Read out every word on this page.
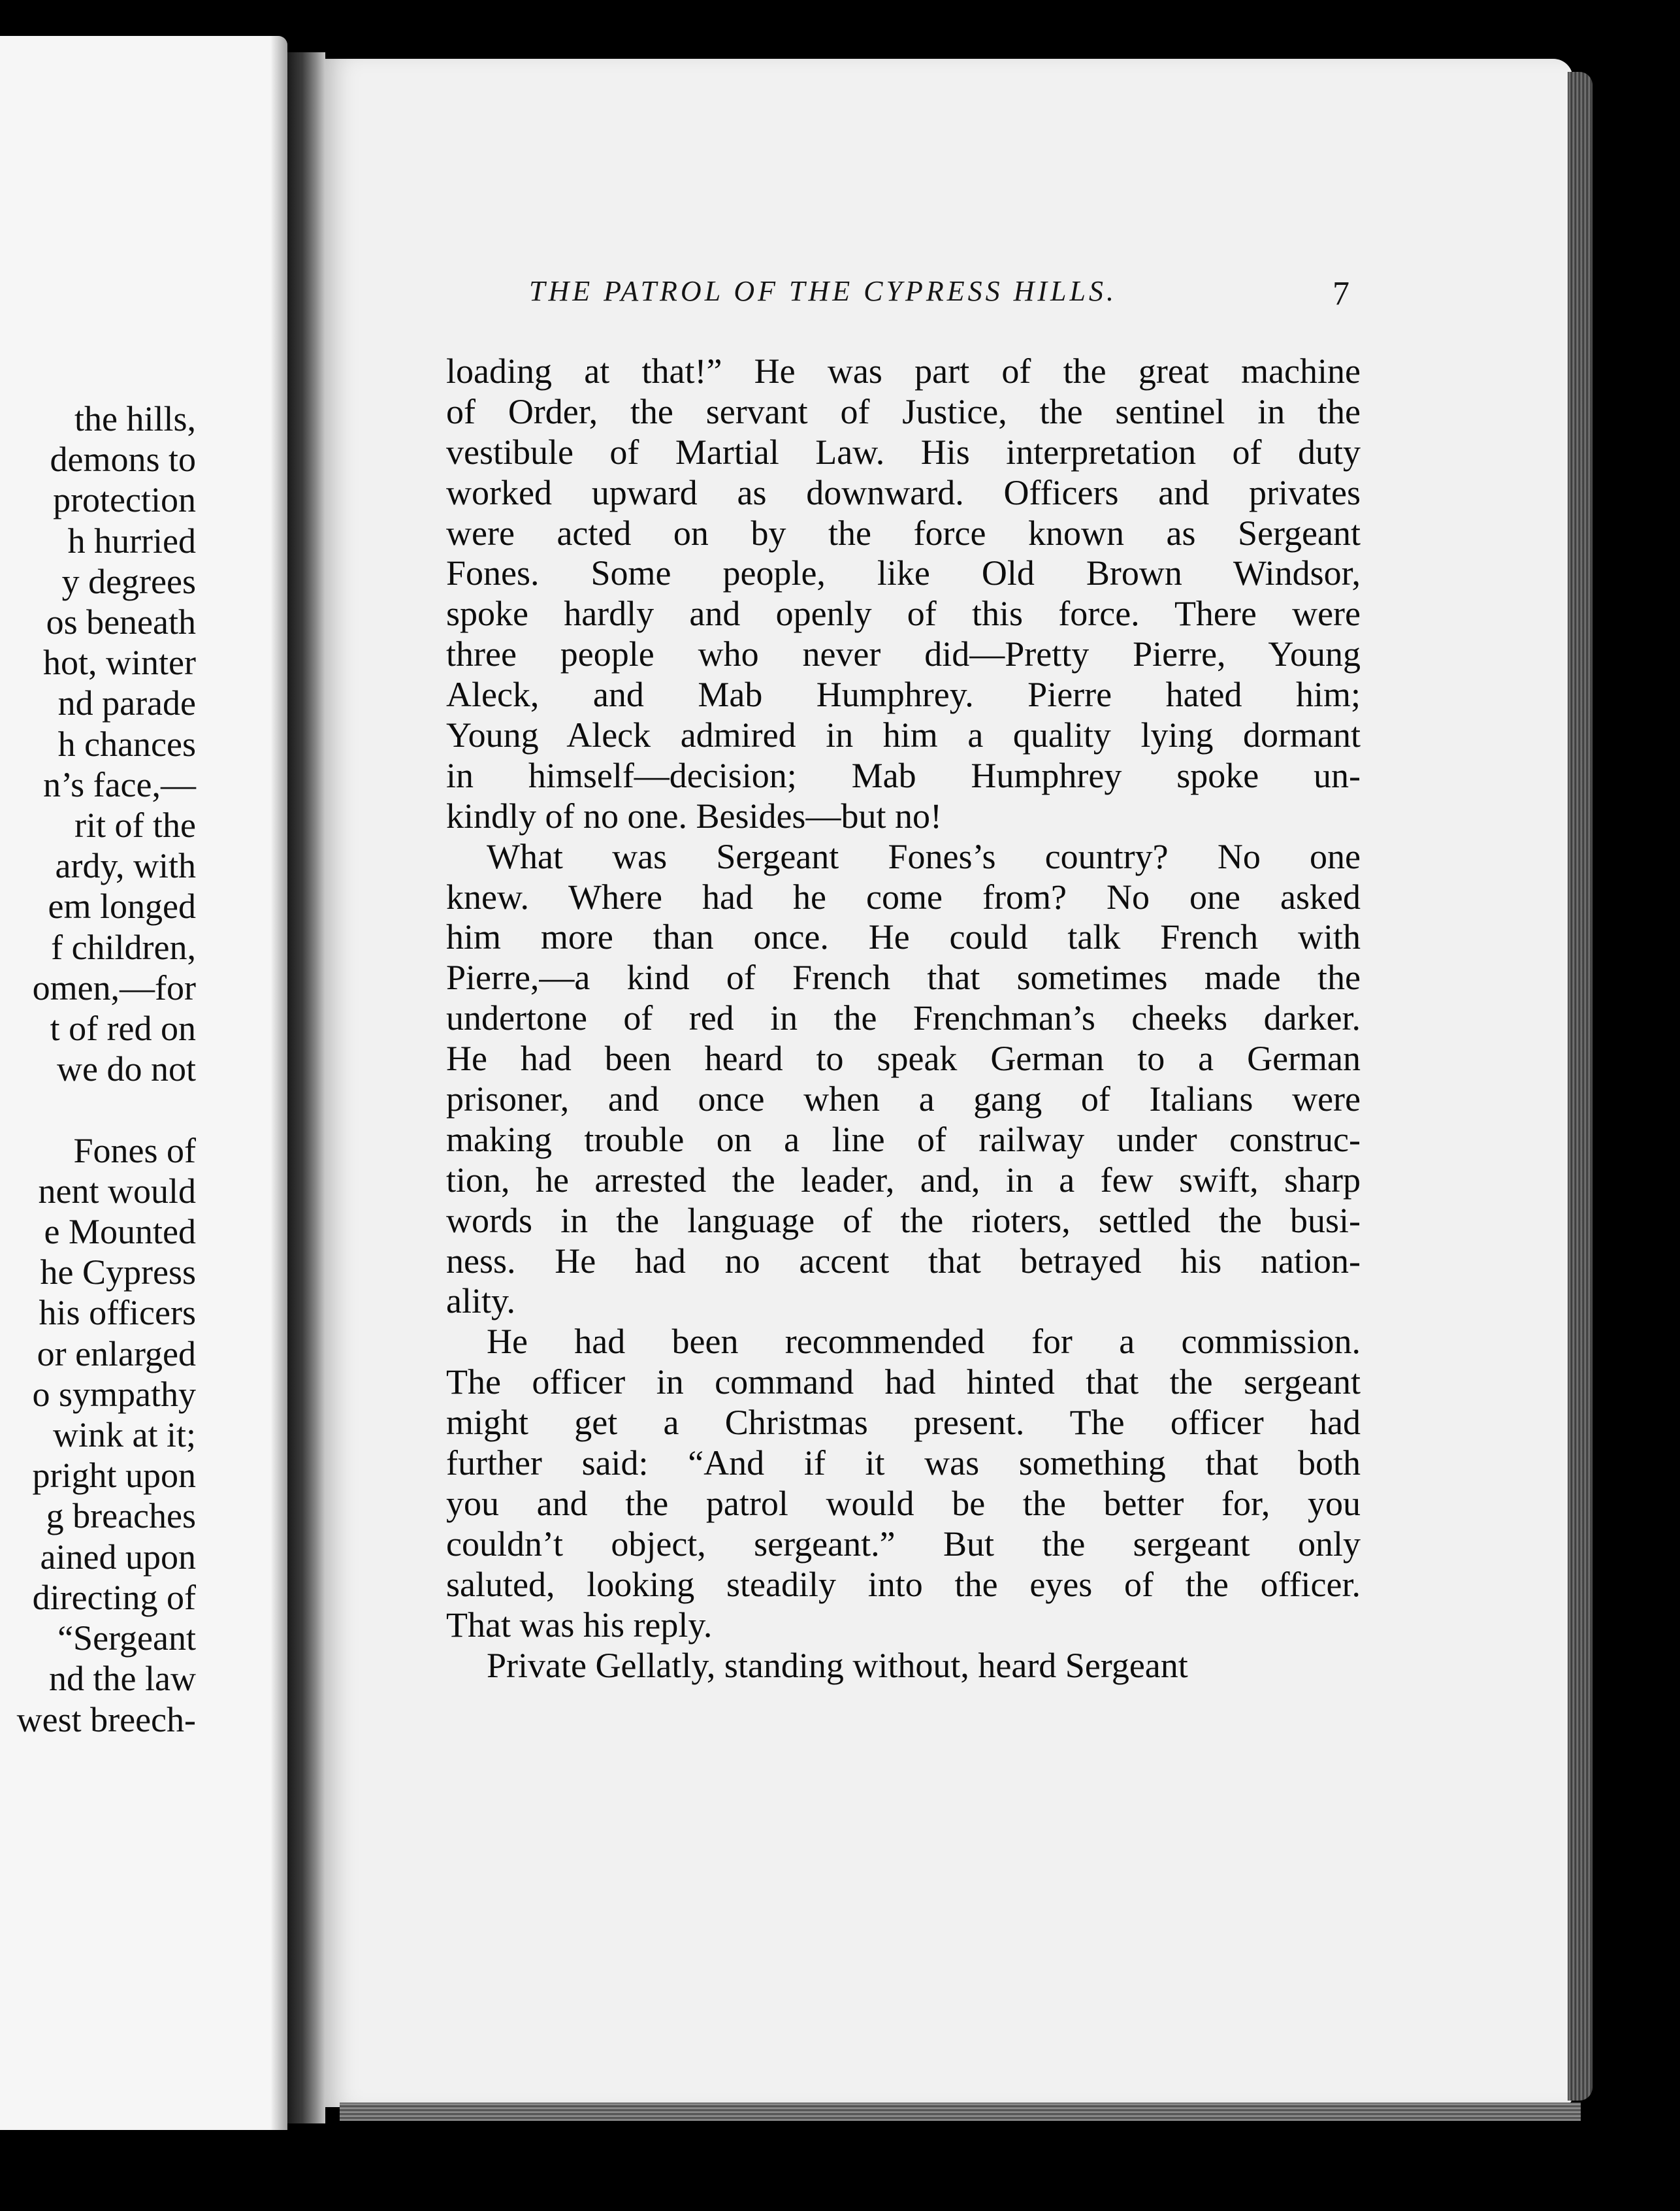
the hills,
demons to
protection
h hurried
y degrees
os beneath
hot, winter
nd parade
h chances
n’s face,—
rit of the
ardy, with
em longed
f children,
omen,—for
t of red on
we do not

Fones of
nent would
e Mounted
he Cypress
his officers
or enlarged
o sympathy
wink at it;
pright upon
g breaches
ained upon
directing of
“Sergeant
nd the law
west breech-
THE PATROL OF THE CYPRESS HILLS.	7
loading at that!” He was part of the great machine
of Order, the servant of Justice, the sentinel in the
vestibule of Martial Law. His interpretation of duty
worked upward as downward. Officers and privates
were acted on by the force known as Sergeant
Fones. Some people, like Old Brown Windsor,
spoke hardly and openly of this force. There were
three people who never did—Pretty Pierre, Young
Aleck, and Mab Humphrey. Pierre hated him;
Young Aleck admired in him a quality lying dormant
in himself—decision; Mab Humphrey spoke un-
kindly of no one. Besides—but no!
What was Sergeant Fones’s country? No one
knew. Where had he come from? No one asked
him more than once. He could talk French with
Pierre,—a kind of French that sometimes made the
undertone of red in the Frenchman’s cheeks darker.
He had been heard to speak German to a German
prisoner, and once when a gang of Italians were
making trouble on a line of railway under construc-
tion, he arrested the leader, and, in a few swift, sharp
words in the language of the rioters, settled the busi-
ness. He had no accent that betrayed his nation-
ality.
He had been recommended for a commission.
The officer in command had hinted that the sergeant
might get a Christmas present. The officer had
further said: “And if it was something that both
you and the patrol would be the better for, you
couldn’t object, sergeant.” But the sergeant only
saluted, looking steadily into the eyes of the officer.
That was his reply.
Private Gellatly, standing without, heard Sergeant
